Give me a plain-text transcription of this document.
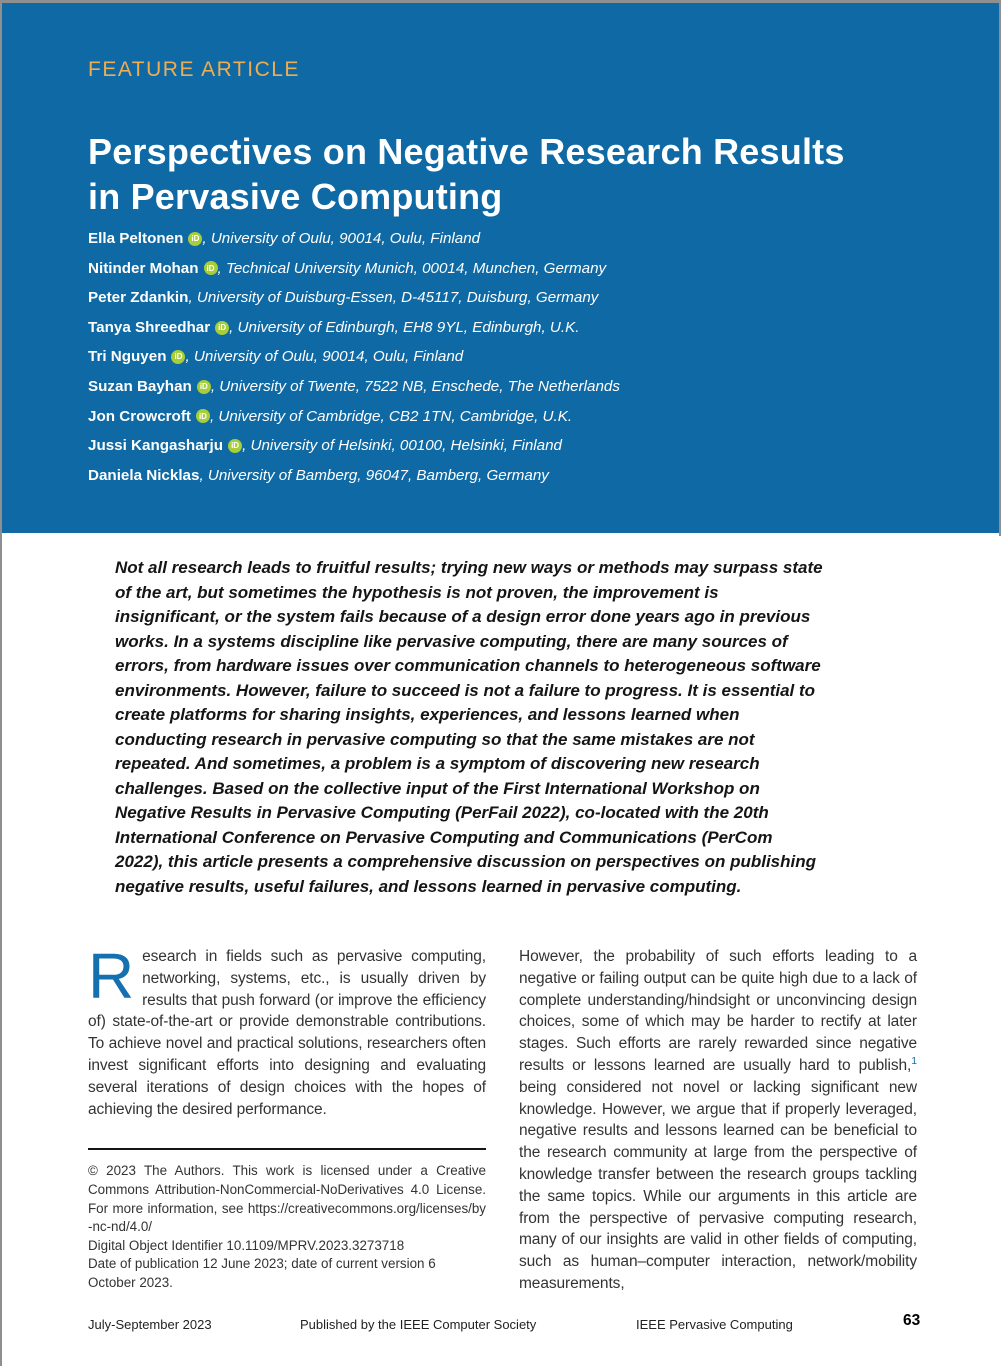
FEATURE ARTICLE
Perspectives on Negative Research Results
in Pervasive Computing
Ella Peltonen iD , University of Oulu, 90014, Oulu, Finland
Nitinder Mohan iD , Technical University Munich, 00014, Munchen, Germany
Peter Zdankin, University of Duisburg-Essen, D-45117, Duisburg, Germany
Tanya Shreedhar iD , University of Edinburgh, EH8 9YL, Edinburgh, U.K.
Tri Nguyen iD , University of Oulu, 90014, Oulu, Finland
Suzan Bayhan iD , University of Twente, 7522 NB, Enschede, The Netherlands
Jon Crowcroft iD , University of Cambridge, CB2 1TN, Cambridge, U.K.
Jussi Kangasharju iD , University of Helsinki, 00100, Helsinki, Finland
Daniela Nicklas, University of Bamberg, 96047, Bamberg, Germany
Not all research leads to fruitful results; trying new ways or methods may surpass state of the art, but sometimes the hypothesis is not proven, the improvement is insignificant, or the system fails because of a design error done years ago in previous works. In a systems discipline like pervasive computing, there are many sources of errors, from hardware issues over communication channels to heterogeneous software environments. However, failure to succeed is not a failure to progress. It is essential to create platforms for sharing insights, experiences, and lessons learned when conducting research in pervasive computing so that the same mistakes are not repeated. And sometimes, a problem is a symptom of discovering new research challenges. Based on the collective input of the First International Workshop on Negative Results in Pervasive Computing (PerFail 2022), co-located with the 20th International Conference on Pervasive Computing and Communications (PerCom 2022), this article presents a comprehensive discussion on perspectives on publishing negative results, useful failures, and lessons learned in pervasive computing.

Research in fields such as pervasive computing, networking, systems, etc., is usually driven by results that push forward (or improve the efficiency of) state-of-the-art or provide demonstrable contributions. To achieve novel and practical solutions, researchers often invest significant efforts into designing and evaluating several iterations of design choices with the hopes of achieving the desired performance.

© 2023 The Authors. This work is licensed under a Creative Commons Attribution-NonCommercial-NoDerivatives 4.0 License. For more information, see https://creativecommons.org/licenses/by-nc-nd/4.0/
Digital Object Identifier 10.1109/MPRV.2023.3273718
Date of publication 12 June 2023; date of current version 6 October 2023.

However, the probability of such efforts leading to a negative or failing output can be quite high due to a lack of complete understanding/hindsight or unconvincing design choices, some of which may be harder to rectify at later stages. Such efforts are rarely rewarded since negative results or lessons learned are usually hard to publish,$^1$ being considered not novel or lacking significant new knowledge. However, we argue that if properly leveraged, negative results and lessons learned can be beneficial to the research community at large from the perspective of knowledge transfer between the research groups tackling the same topics. While our arguments in this article are from the perspective of pervasive computing research, many of our insights are valid in other fields of computing, such as human–computer interaction, network/mobility measurements,

July-September 2023	Published by the IEEE Computer Society	IEEE Pervasive Computing	63
